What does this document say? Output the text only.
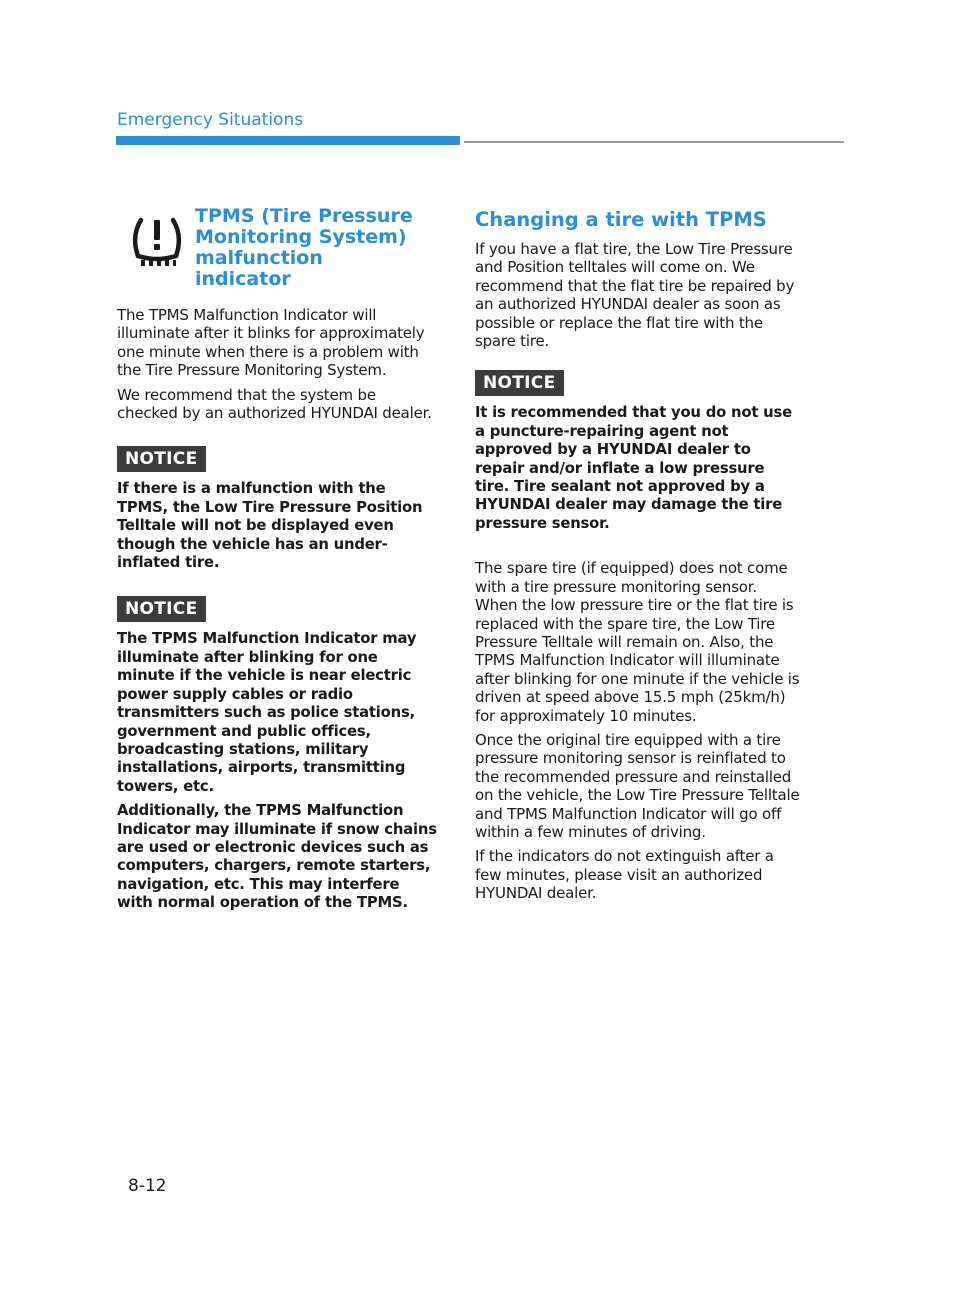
Emergency Situations
TPMS (Tire Pressure Monitoring System) malfunction indicator

The TPMS Malfunction Indicator will illuminate after it blinks for approximately one minute when there is a problem with the Tire Pressure Monitoring System.

We recommend that the system be checked by an authorized HYUNDAI dealer.

NOTICE

If there is a malfunction with the TPMS, the Low Tire Pressure Position Telltale will not be displayed even though the vehicle has an under-inflated tire.

NOTICE

The TPMS Malfunction Indicator may illuminate after blinking for one minute if the vehicle is near electric power supply cables or radio transmitters such as police stations, government and public offices, broadcasting stations, military installations, airports, transmitting towers, etc.

Additionally, the TPMS Malfunction Indicator may illuminate if snow chains are used or electronic devices such as computers, chargers, remote starters, navigation, etc. This may interfere with normal operation of the TPMS.

Changing a tire with TPMS

If you have a flat tire, the Low Tire Pressure and Position telltales will come on. We recommend that the flat tire be repaired by an authorized HYUNDAI dealer as soon as possible or replace the flat tire with the spare tire.

NOTICE

It is recommended that you do not use a puncture-repairing agent not approved by a HYUNDAI dealer to repair and/or inflate a low pressure tire. Tire sealant not approved by a HYUNDAI dealer may damage the tire pressure sensor.

The spare tire (if equipped) does not come with a tire pressure monitoring sensor. When the low pressure tire or the flat tire is replaced with the spare tire, the Low Tire Pressure Telltale will remain on. Also, the TPMS Malfunction Indicator will illuminate after blinking for one minute if the vehicle is driven at speed above 15.5 mph (25km/h) for approximately 10 minutes.

Once the original tire equipped with a tire pressure monitoring sensor is reinflated to the recommended pressure and reinstalled on the vehicle, the Low Tire Pressure Telltale and TPMS Malfunction Indicator will go off within a few minutes of driving.

If the indicators do not extinguish after a few minutes, please visit an authorized HYUNDAI dealer.

8-12
